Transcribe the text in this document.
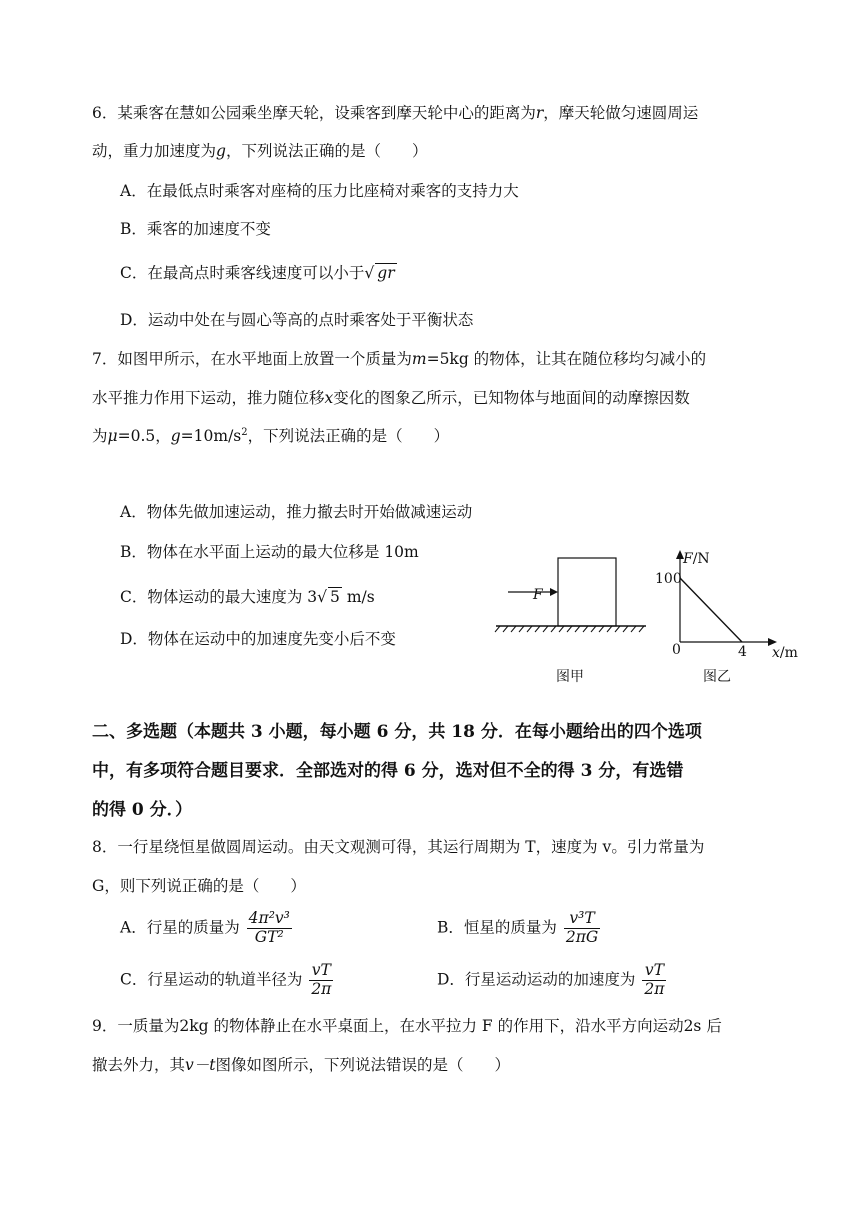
6．某乘客在慧如公园乘坐摩天轮，设乘客到摩天轮中心的距离为r，摩天轮做匀速圆周运
动，重力加速度为g，下列说法正确的是（　　）
A．在最低点时乘客对座椅的压力比座椅对乘客的支持力大
B．乘客的加速度不变
C．在最高点时乘客线速度可以小于√ gr
D．运动中处在与圆心等高的点时乘客处于平衡状态
7．如图甲所示，在水平地面上放置一个质量为m=5kg 的物体，让其在随位移均匀减小的
水平推力作用下运动，推力随位移x变化的图象乙所示，已知物体与地面间的动摩擦因数
为μ=0.5，$g=10m/s^2$，下列说法正确的是（　　）
A．物体先做加速运动，推力撤去时开始做减速运动
B．物体在水平面上运动的最大位移是 10m
C．物体运动的最大速度为 3√ 5 m/s
D．物体在运动中的加速度先变小后不变
F
图甲
F/N
100
0	4 x/m
图乙
二、多选题（本题共 3 小题，每小题 6 分，共 18 分．在每小题给出的四个选项
中，有多项符合题目要求．全部选对的得 6 分，选对但不全的得 3 分，有选错
的得 0 分．）
8．一行星绕恒星做圆周运动。由天文观测可得，其运行周期为 T，速度为 v。引力常量为
G，则下列说正确的是（　　）
A．行星的质量为 $\frac{\text{4π²v³}}{\text{GT²}}$	B．恒星的质量为 $\frac{\text{v³T}}{2\pi G}$
C．行星运动的轨道半径为 $\frac{vT}{2\pi}$	D．行星运动运动的加速度为 $\frac{vT}{2\pi}$
9．一质量为2kg 的物体静止在水平桌面上，在水平拉力 F 的作用下，沿水平方向运动2s 后
撤去外力，其v－t图像如图所示，下列说法错误的是（　　）
